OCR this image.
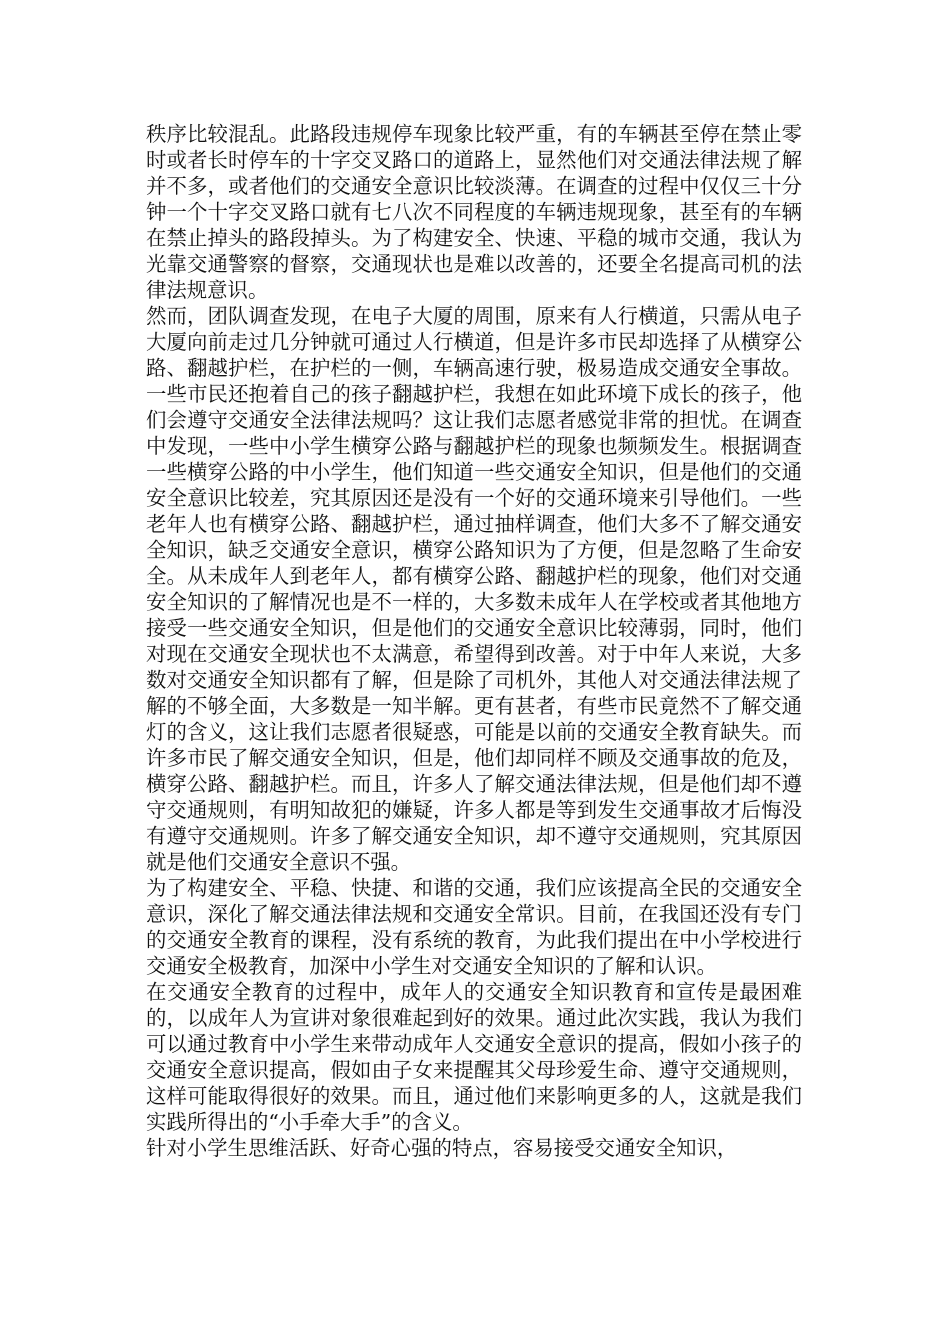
秩序比较混乱。此路段违规停车现象比较严重，有的车辆甚至停在禁止零时或者长时停车的十字交叉路口的道路上，显然他们对交通法律法规了解并不多，或者他们的交通安全意识比较淡薄。在调查的过程中仅仅三十分钟一个十字交叉路口就有七八次不同程度的车辆违规现象，甚至有的车辆在禁止掉头的路段掉头。为了构建安全、快速、平稳的城市交通，我认为光靠交通警察的督察，交通现状也是难以改善的，还要全名提高司机的法律法规意识。

然而，团队调查发现，在电子大厦的周围，原来有人行横道，只需从电子大厦向前走过几分钟就可通过人行横道，但是许多市民却选择了从横穿公路、翻越护栏，在护栏的一侧，车辆高速行驶，极易造成交通安全事故。一些市民还抱着自己的孩子翻越护栏，我想在如此环境下成长的孩子，他们会遵守交通安全法律法规吗？这让我们志愿者感觉非常的担忧。在调查中发现，一些中小学生横穿公路与翻越护栏的现象也频频发生。根据调查一些横穿公路的中小学生，他们知道一些交通安全知识，但是他们的交通安全意识比较差，究其原因还是没有一个好的交通环境来引导他们。一些老年人也有横穿公路、翻越护栏，通过抽样调查，他们大多不了解交通安全知识，缺乏交通安全意识，横穿公路知识为了方便，但是忽略了生命安全。从未成年人到老年人，都有横穿公路、翻越护栏的现象，他们对交通安全知识的了解情况也是不一样的，大多数未成年人在学校或者其他地方接受一些交通安全知识，但是他们的交通安全意识比较薄弱，同时，他们对现在交通安全现状也不太满意，希望得到改善。对于中年人来说，大多数对交通安全知识都有了解，但是除了司机外，其他人对交通法律法规了解的不够全面，大多数是一知半解。更有甚者，有些市民竟然不了解交通灯的含义，这让我们志愿者很疑惑，可能是以前的交通安全教育缺失。而许多市民了解交通安全知识，但是，他们却同样不顾及交通事故的危及，横穿公路、翻越护栏。而且，许多人了解交通法律法规，但是他们却不遵守交通规则，有明知故犯的嫌疑，许多人都是等到发生交通事故才后悔没有遵守交通规则。许多了解交通安全知识，却不遵守交通规则，究其原因就是他们交通安全意识不强。

为了构建安全、平稳、快捷、和谐的交通，我们应该提高全民的交通安全意识，深化了解交通法律法规和交通安全常识。目前，在我国还没有专门的交通安全教育的课程，没有系统的教育，为此我们提出在中小学校进行交通安全极教育，加深中小学生对交通安全知识的了解和认识。

在交通安全教育的过程中，成年人的交通安全知识教育和宣传是最困难的，以成年人为宣讲对象很难起到好的效果。通过此次实践，我认为我们可以通过教育中小学生来带动成年人交通安全意识的提高，假如小孩子的交通安全意识提高，假如由子女来提醒其父母珍爱生命、遵守交通规则，这样可能取得很好的效果。而且，通过他们来影响更多的人，这就是我们实践所得出的“小手牵大手”的含义。

针对小学生思维活跃、好奇心强的特点，容易接受交通安全知识，
